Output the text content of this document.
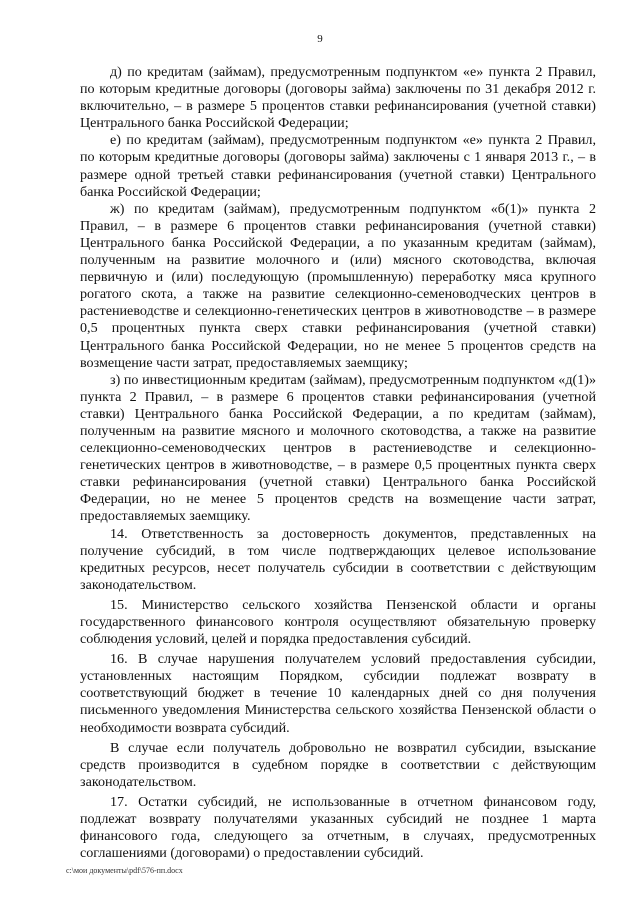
9

д) по кредитам (займам), предусмотренным подпунктом «е» пункта 2 Правил, по которым кредитные договоры (договоры займа) заключены по 31 декабря 2012 г. включительно, – в размере 5 процентов ставки рефинансирования (учетной ставки) Центрального банка Российской Федерации;

е) по кредитам (займам), предусмотренным подпунктом «е» пункта 2 Правил, по которым кредитные договоры (договоры займа) заключены с 1 января 2013 г., – в размере одной третьей ставки рефинансирования (учетной ставки) Центрального банка Российской Федерации;

ж) по кредитам (займам), предусмотренным подпунктом «б(1)» пункта 2 Правил, – в размере 6 процентов ставки рефинансирования (учетной ставки) Центрального банка Российской Федерации, а по указанным кредитам (займам), полученным на развитие молочного и (или) мясного скотоводства, включая первичную и (или) последующую (промышленную) переработку мяса крупного рогатого скота, а также на развитие селекционно-семеноводческих центров в растениеводстве и селекционно-генетических центров в животноводстве – в размере 0,5 процентных пункта сверх ставки рефинансирования (учетной ставки) Центрального банка Российской Федерации, но не менее 5 процентов средств на возмещение части затрат, предоставляемых заемщику;

з) по инвестиционным кредитам (займам), предусмотренным подпунктом «д(1)» пункта 2 Правил, – в размере 6 процентов ставки рефинансирования (учетной ставки) Центрального банка Российской Федерации, а по кредитам (займам), полученным на развитие мясного и молочного скотоводства, а также на развитие селекционно-семеноводческих центров в растениеводстве и селекционно-генетических центров в животноводстве, – в размере 0,5 процентных пункта сверх ставки рефинансирования (учетной ставки) Центрального банка Российской Федерации, но не менее 5 процентов средств на возмещение части затрат, предоставляемых заемщику.

14. Ответственность за достоверность документов, представленных на получение субсидий, в том числе подтверждающих целевое использование кредитных ресурсов, несет получатель субсидии в соответствии с действующим законодательством.

15. Министерство сельского хозяйства Пензенской области и органы государственного финансового контроля осуществляют обязательную проверку соблюдения условий, целей и порядка предоставления субсидий.

16. В случае нарушения получателем условий предоставления субсидии, установленных настоящим Порядком, субсидии подлежат возврату в соответствующий бюджет в течение 10 календарных дней со дня получения письменного уведомления Министерства сельского хозяйства Пензенской области о необходимости возврата субсидий.

В случае если получатель добровольно не возвратил субсидии, взыскание средств производится в судебном порядке в соответствии с действующим законодательством.

17. Остатки субсидий, не использованные в отчетном финансовом году, подлежат возврату получателями указанных субсидий не позднее 1 марта финансового года, следующего за отчетным, в случаях, предусмотренных соглашениями (договорами) о предоставлении субсидий.

c:\мои документы\pdf\576-пп.docx
